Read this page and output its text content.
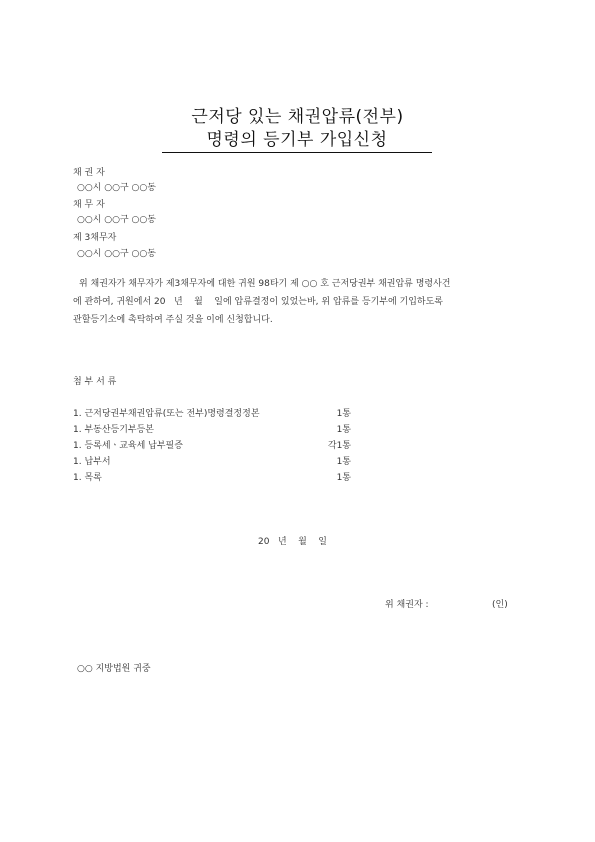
근저당 있는 채권압류(전부)
명령의 등기부 가입신청
채 권 자
○○시 ○○구 ○○동
채 무 자
○○시 ○○구 ○○동
제 3채무자
○○시 ○○구 ○○동
위 채권자가 채무자가 제3채무자에 대한 귀원 98타기 제 ○○ 호 근저당권부 채권압류 명령사건
에 관하여, 귀원에서 20   년    월    일에 압류결정이 있었는바, 위 압류를 등기부에 기입하도록
관할등기소에 촉탁하여 주실 것을 이에 신청합니다.
첨 부 서 류
1. 근저당권부채권압류(또는 전부)명령결정정본	1통
1. 부동산등기부등본	1통
1. 등록세ㆍ교육세 납부필증	각1통
1. 납부서	1통
1. 목록	1통
20   년    월    일
위 채권자 :	(인)
○○ 지방법원 귀중
